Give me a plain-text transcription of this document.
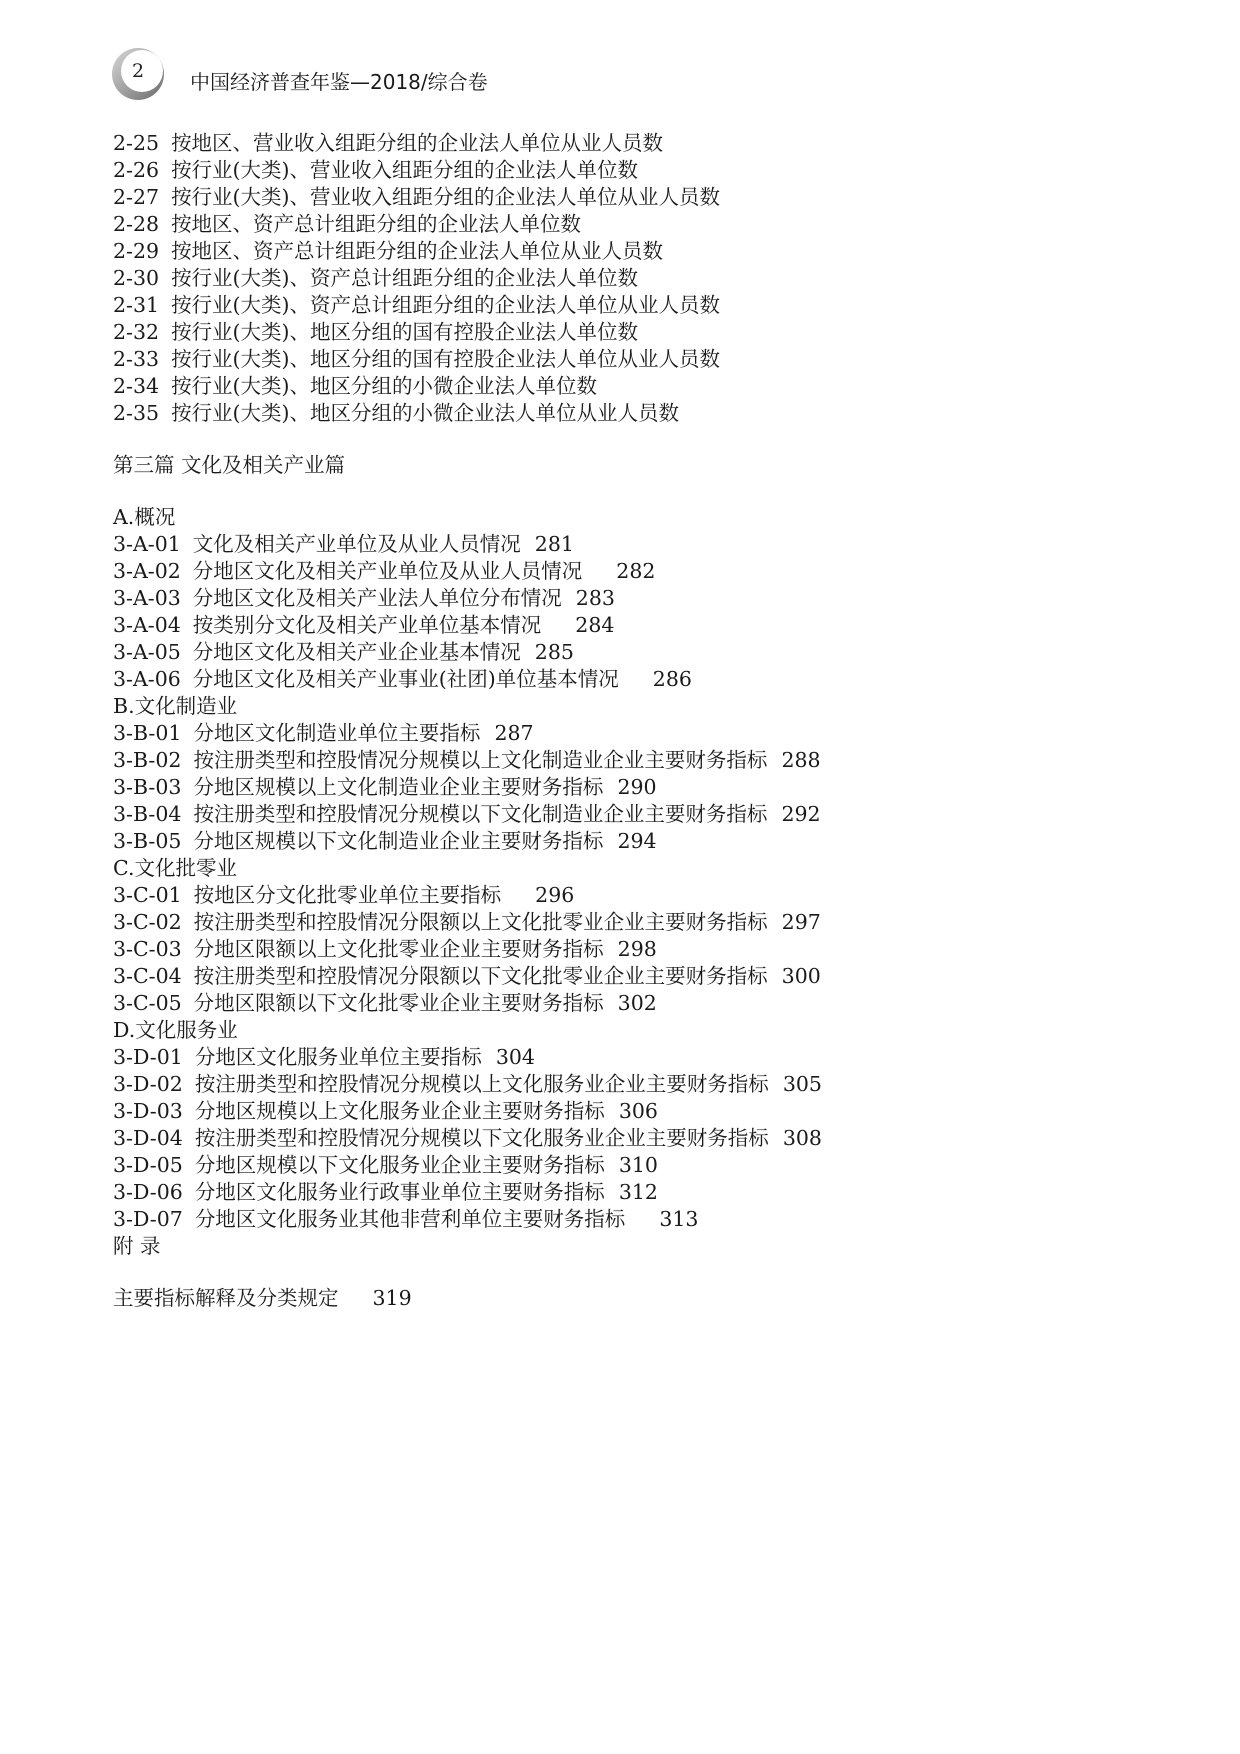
2	中国经济普查年鉴—2018/综合卷
2-25 按地区、营业收入组距分组的企业法人单位从业人员数
2-26 按行业(大类)、营业收入组距分组的企业法人单位数
2-27 按行业(大类)、营业收入组距分组的企业法人单位从业人员数
2-28 按地区、资产总计组距分组的企业法人单位数
2-29 按地区、资产总计组距分组的企业法人单位从业人员数
2-30 按行业(大类)、资产总计组距分组的企业法人单位数
2-31 按行业(大类)、资产总计组距分组的企业法人单位从业人员数
2-32 按行业(大类)、地区分组的国有控股企业法人单位数
2-33 按行业(大类)、地区分组的国有控股企业法人单位从业人员数
2-34 按行业(大类)、地区分组的小微企业法人单位数
2-35 按行业(大类)、地区分组的小微企业法人单位从业人员数
第三篇 文化及相关产业篇
A.概况
3-A-01 文化及相关产业单位及从业人员情况 281
3-A-02 分地区文化及相关产业单位及从业人员情况 282
3-A-03 分地区文化及相关产业法人单位分布情况 283
3-A-04 按类别分文化及相关产业单位基本情况 284
3-A-05 分地区文化及相关产业企业基本情况 285
3-A-06 分地区文化及相关产业事业(社团)单位基本情况 286
B.文化制造业
3-B-01 分地区文化制造业单位主要指标 287
3-B-02 按注册类型和控股情况分规模以上文化制造业企业主要财务指标 288
3-B-03 分地区规模以上文化制造业企业主要财务指标 290
3-B-04 按注册类型和控股情况分规模以下文化制造业企业主要财务指标 292
3-B-05 分地区规模以下文化制造业企业主要财务指标 294
C.文化批零业
3-C-01 按地区分文化批零业单位主要指标 296
3-C-02 按注册类型和控股情况分限额以上文化批零业企业主要财务指标 297
3-C-03 分地区限额以上文化批零业企业主要财务指标 298
3-C-04 按注册类型和控股情况分限额以下文化批零业企业主要财务指标 300
3-C-05 分地区限额以下文化批零业企业主要财务指标 302
D.文化服务业
3-D-01 分地区文化服务业单位主要指标 304
3-D-02 按注册类型和控股情况分规模以上文化服务业企业主要财务指标 305
3-D-03 分地区规模以上文化服务业企业主要财务指标 306
3-D-04 按注册类型和控股情况分规模以下文化服务业企业主要财务指标 308
3-D-05 分地区规模以下文化服务业企业主要财务指标 310
3-D-06 分地区文化服务业行政事业单位主要财务指标 312
3-D-07 分地区文化服务业其他非营利单位主要财务指标 313
附 录
主要指标解释及分类规定 319
